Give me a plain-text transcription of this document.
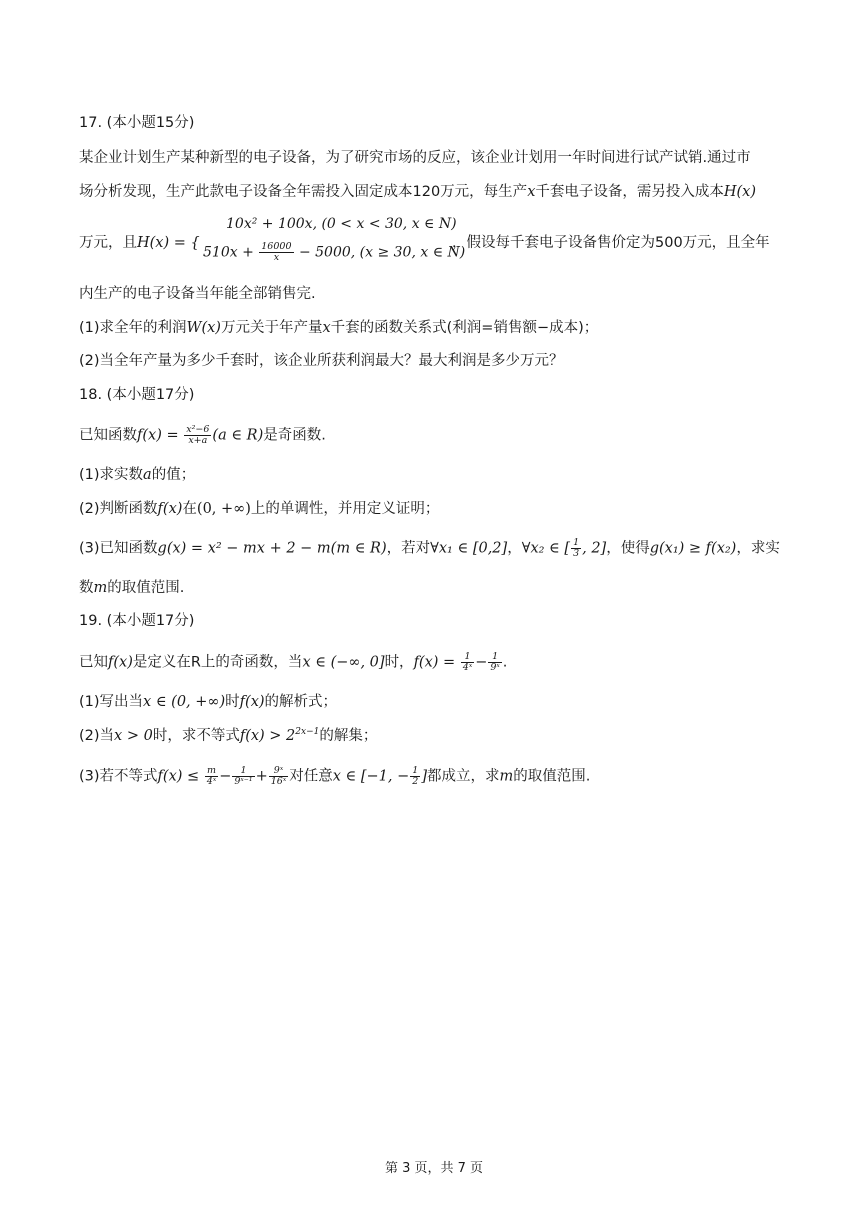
17. (本小题15分)
某企业计划生产某种新型的电子设备，为了研究市场的反应，该企业计划用一年时间进行试产试销.通过市
场分析发现，生产此款电子设备全年需投入固定成本120万元，每生产x千套电子设备，需另投入成本H(x)
万元，且H(x) = {
10x² + 100x, (0 < x < 30, x ∈ N)
$510x + \frac{16000}{x} - 5000$, (x ≥ 30, x ∈ N)
，假设每千套电子设备售价定为500万元，且全年
内生产的电子设备当年能全部销售完.
(1)求全年的利润W(x)万元关于年产量x千套的函数关系式(利润=销售额−成本)；
(2)当全年产量为多少千套时，该企业所获利润最大？最大利润是多少万元？
18. (本小题17分)
已知函数$f(x) = \frac{\text{x²−6}}{x+a} (a$ ∈ R)是奇函数.
(1)求实数a的值；
(2)判断函数f(x)在(0, +∞)上的单调性，并用定义证明；
(3)已知函数g(x) = x² − mx + 2 − m(m ∈ R)，若对∀x₁ ∈ [0,2]，∀x₂ ∈ [ $\frac{1}{3}$ , 2]，使得g(x₁) ≥ f(x₂)，求实
数m的取值范围.
19. (本小题17分)
已知f(x)是定义在R上的奇函数，当x ∈ (−∞, 0]时，$f(x) = \frac{1}{\text{4ˣ}} - \frac{1}{\text{9ˣ}}$ .
(1)写出当x ∈ (0, +∞)时f(x)的解析式；
(2)当x > 0时，求不等式$f(x) > 2^{2x-1}$的解集；
(3)若不等式$f(x) \le \frac{m}{\text{4ˣ}} - \frac{1}{\text{9ˣ⁻¹}} + \frac{\text{9ˣ}}{\text{16ˣ}}$ 对任意x ∈ [−1, − $\frac{1}{2}$ ]都成立，求m的取值范围.
第 3 页，共 7 页
